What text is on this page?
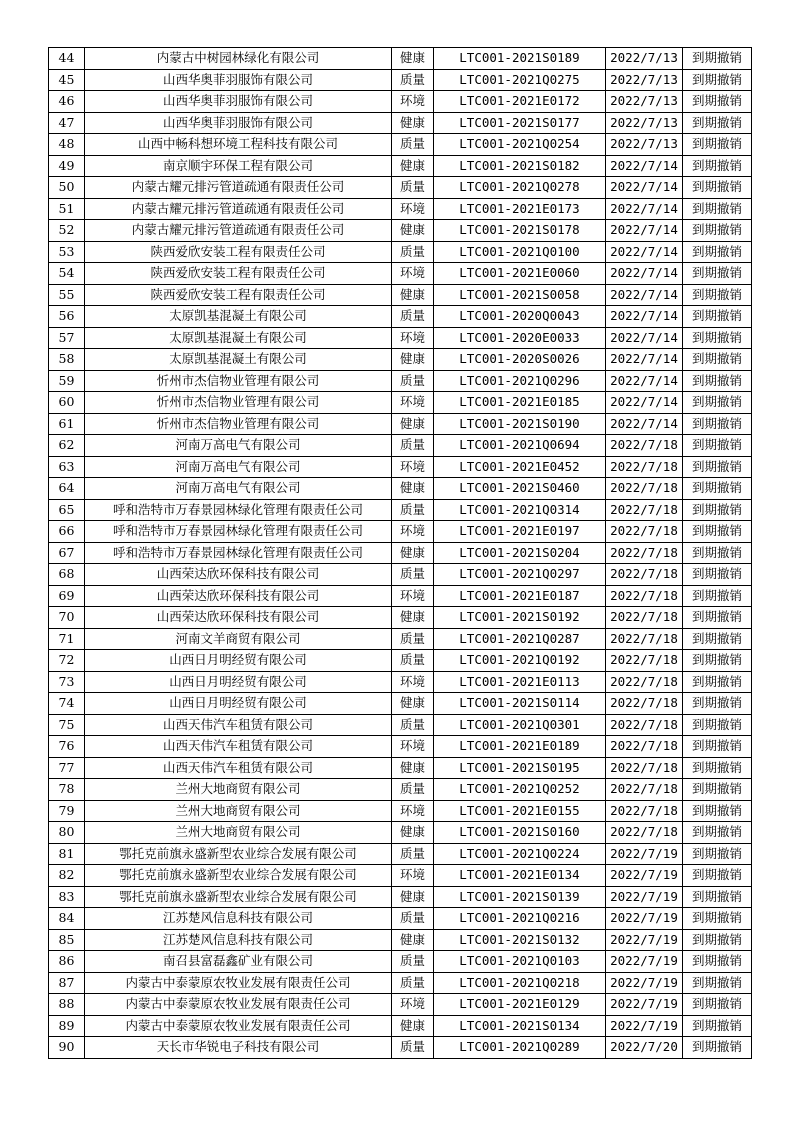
44	内蒙古中树园林绿化有限公司	健康	LTC001-2021S0189	2022/7/13	到期撤销
45	山西华奥菲羽服饰有限公司	质量	LTC001-2021Q0275	2022/7/13	到期撤销
46	山西华奥菲羽服饰有限公司	环境	LTC001-2021E0172	2022/7/13	到期撤销
47	山西华奥菲羽服饰有限公司	健康	LTC001-2021S0177	2022/7/13	到期撤销
48	山西中畅科想环境工程科技有限公司	质量	LTC001-2021Q0254	2022/7/13	到期撤销
49	南京顺宇环保工程有限公司	健康	LTC001-2021S0182	2022/7/14	到期撤销
50	内蒙古耀元排污管道疏通有限责任公司	质量	LTC001-2021Q0278	2022/7/14	到期撤销
51	内蒙古耀元排污管道疏通有限责任公司	环境	LTC001-2021E0173	2022/7/14	到期撤销
52	内蒙古耀元排污管道疏通有限责任公司	健康	LTC001-2021S0178	2022/7/14	到期撤销
53	陕西爱欣安装工程有限责任公司	质量	LTC001-2021Q0100	2022/7/14	到期撤销
54	陕西爱欣安装工程有限责任公司	环境	LTC001-2021E0060	2022/7/14	到期撤销
55	陕西爱欣安装工程有限责任公司	健康	LTC001-2021S0058	2022/7/14	到期撤销
56	太原凯基混凝土有限公司	质量	LTC001-2020Q0043	2022/7/14	到期撤销
57	太原凯基混凝土有限公司	环境	LTC001-2020E0033	2022/7/14	到期撤销
58	太原凯基混凝土有限公司	健康	LTC001-2020S0026	2022/7/14	到期撤销
59	忻州市杰信物业管理有限公司	质量	LTC001-2021Q0296	2022/7/14	到期撤销
60	忻州市杰信物业管理有限公司	环境	LTC001-2021E0185	2022/7/14	到期撤销
61	忻州市杰信物业管理有限公司	健康	LTC001-2021S0190	2022/7/14	到期撤销
62	河南万高电气有限公司	质量	LTC001-2021Q0694	2022/7/18	到期撤销
63	河南万高电气有限公司	环境	LTC001-2021E0452	2022/7/18	到期撤销
64	河南万高电气有限公司	健康	LTC001-2021S0460	2022/7/18	到期撤销
65	呼和浩特市万春景园林绿化管理有限责任公司	质量	LTC001-2021Q0314	2022/7/18	到期撤销
66	呼和浩特市万春景园林绿化管理有限责任公司	环境	LTC001-2021E0197	2022/7/18	到期撤销
67	呼和浩特市万春景园林绿化管理有限责任公司	健康	LTC001-2021S0204	2022/7/18	到期撤销
68	山西荣达欣环保科技有限公司	质量	LTC001-2021Q0297	2022/7/18	到期撤销
69	山西荣达欣环保科技有限公司	环境	LTC001-2021E0187	2022/7/18	到期撤销
70	山西荣达欣环保科技有限公司	健康	LTC001-2021S0192	2022/7/18	到期撤销
71	河南文羊商贸有限公司	质量	LTC001-2021Q0287	2022/7/18	到期撤销
72	山西日月明经贸有限公司	质量	LTC001-2021Q0192	2022/7/18	到期撤销
73	山西日月明经贸有限公司	环境	LTC001-2021E0113	2022/7/18	到期撤销
74	山西日月明经贸有限公司	健康	LTC001-2021S0114	2022/7/18	到期撤销
75	山西天伟汽车租赁有限公司	质量	LTC001-2021Q0301	2022/7/18	到期撤销
76	山西天伟汽车租赁有限公司	环境	LTC001-2021E0189	2022/7/18	到期撤销
77	山西天伟汽车租赁有限公司	健康	LTC001-2021S0195	2022/7/18	到期撤销
78	兰州大地商贸有限公司	质量	LTC001-2021Q0252	2022/7/18	到期撤销
79	兰州大地商贸有限公司	环境	LTC001-2021E0155	2022/7/18	到期撤销
80	兰州大地商贸有限公司	健康	LTC001-2021S0160	2022/7/18	到期撤销
81	鄂托克前旗永盛新型农业综合发展有限公司	质量	LTC001-2021Q0224	2022/7/19	到期撤销
82	鄂托克前旗永盛新型农业综合发展有限公司	环境	LTC001-2021E0134	2022/7/19	到期撤销
83	鄂托克前旗永盛新型农业综合发展有限公司	健康	LTC001-2021S0139	2022/7/19	到期撤销
84	江苏楚风信息科技有限公司	质量	LTC001-2021Q0216	2022/7/19	到期撤销
85	江苏楚风信息科技有限公司	健康	LTC001-2021S0132	2022/7/19	到期撤销
86	南召县富磊鑫矿业有限公司	质量	LTC001-2021Q0103	2022/7/19	到期撤销
87	内蒙古中泰蒙原农牧业发展有限责任公司	质量	LTC001-2021Q0218	2022/7/19	到期撤销
88	内蒙古中泰蒙原农牧业发展有限责任公司	环境	LTC001-2021E0129	2022/7/19	到期撤销
89	内蒙古中泰蒙原农牧业发展有限责任公司	健康	LTC001-2021S0134	2022/7/19	到期撤销
90	天长市华锐电子科技有限公司	质量	LTC001-2021Q0289	2022/7/20	到期撤销
